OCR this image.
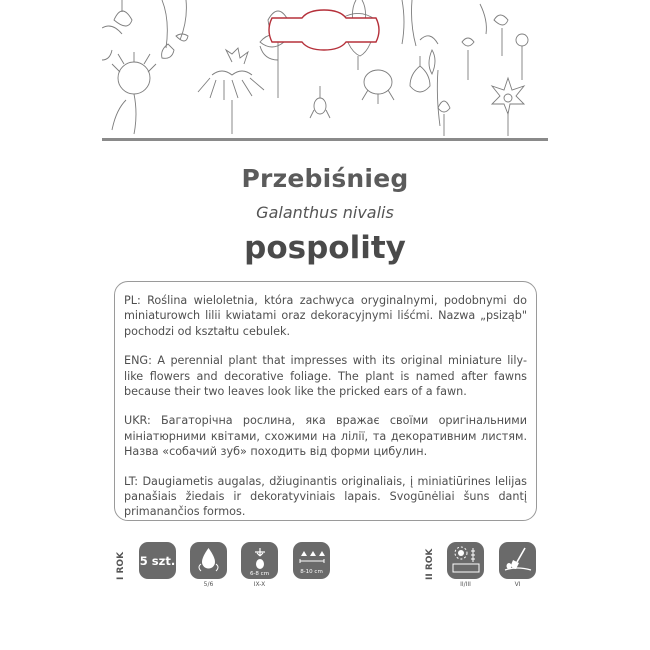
Przebiśnieg
Galanthus nivalis
pospolity

PL: Roślina wieloletnia, która zachwyca oryginalnymi, podobnymi do miniaturowch lilii kwiatami oraz dekoracyjnymi liśćmi. Nazwa „psiząb" pochodzi od kształtu cebulek.

ENG: A perennial plant that impresses with its original miniature lily-like flowers and decorative foliage. The plant is named after fawns because their two leaves look like the pricked ears of a fawn.

UKR: Багаторічна рослина, яка вражає своїми оригінальними мініатюрними квітами, схожими на лілії, та декоративним листям. Назва «собачий зуб» походить від форми цибулин.

LT: Daugiametis augalas, džiuginantis originaliais, į miniatiūrines lelijas panašiais žiedais ir dekoratyviniais lapais. Svogūnėliai šuns dantį primanančios formos.

I ROK 5 szt.
5/6
6-8 cm
IX-X
8-10 cm	II ROK
II/III	VI
